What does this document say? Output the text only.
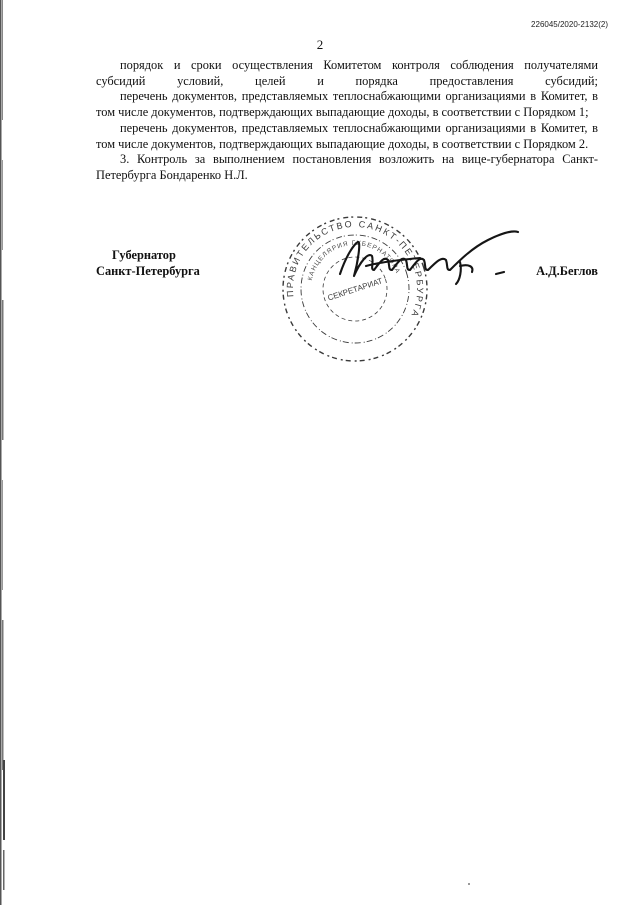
226045/2020-2132(2)
2

порядок и сроки осуществления Комитетом контроля соблюдения получателями субсидий условий, целей и порядка предоставления субсидий;

перечень документов, представляемых теплоснабжающими организациями в Комитет, в том числе документов, подтверждающих выпадающие доходы, в соответствии с Порядком 1;

перечень документов, представляемых теплоснабжающими организациями в Комитет, в том числе документов, подтверждающих выпадающие доходы, в соответствии с Порядком 2.

3. Контроль за выполнением постановления возложить на вице-губернатора Санкт-Петербурга Бондаренко Н.Л.

Губернатор
Санкт-Петербурга
ПРАВИТЕЛЬСТВО САНКТ-ПЕТЕРБУРГА
КАНЦЕЛЯРИЯ ГУБЕРНАТОРА
СЕКРЕТАРИАТ
А.Д.Беглов
